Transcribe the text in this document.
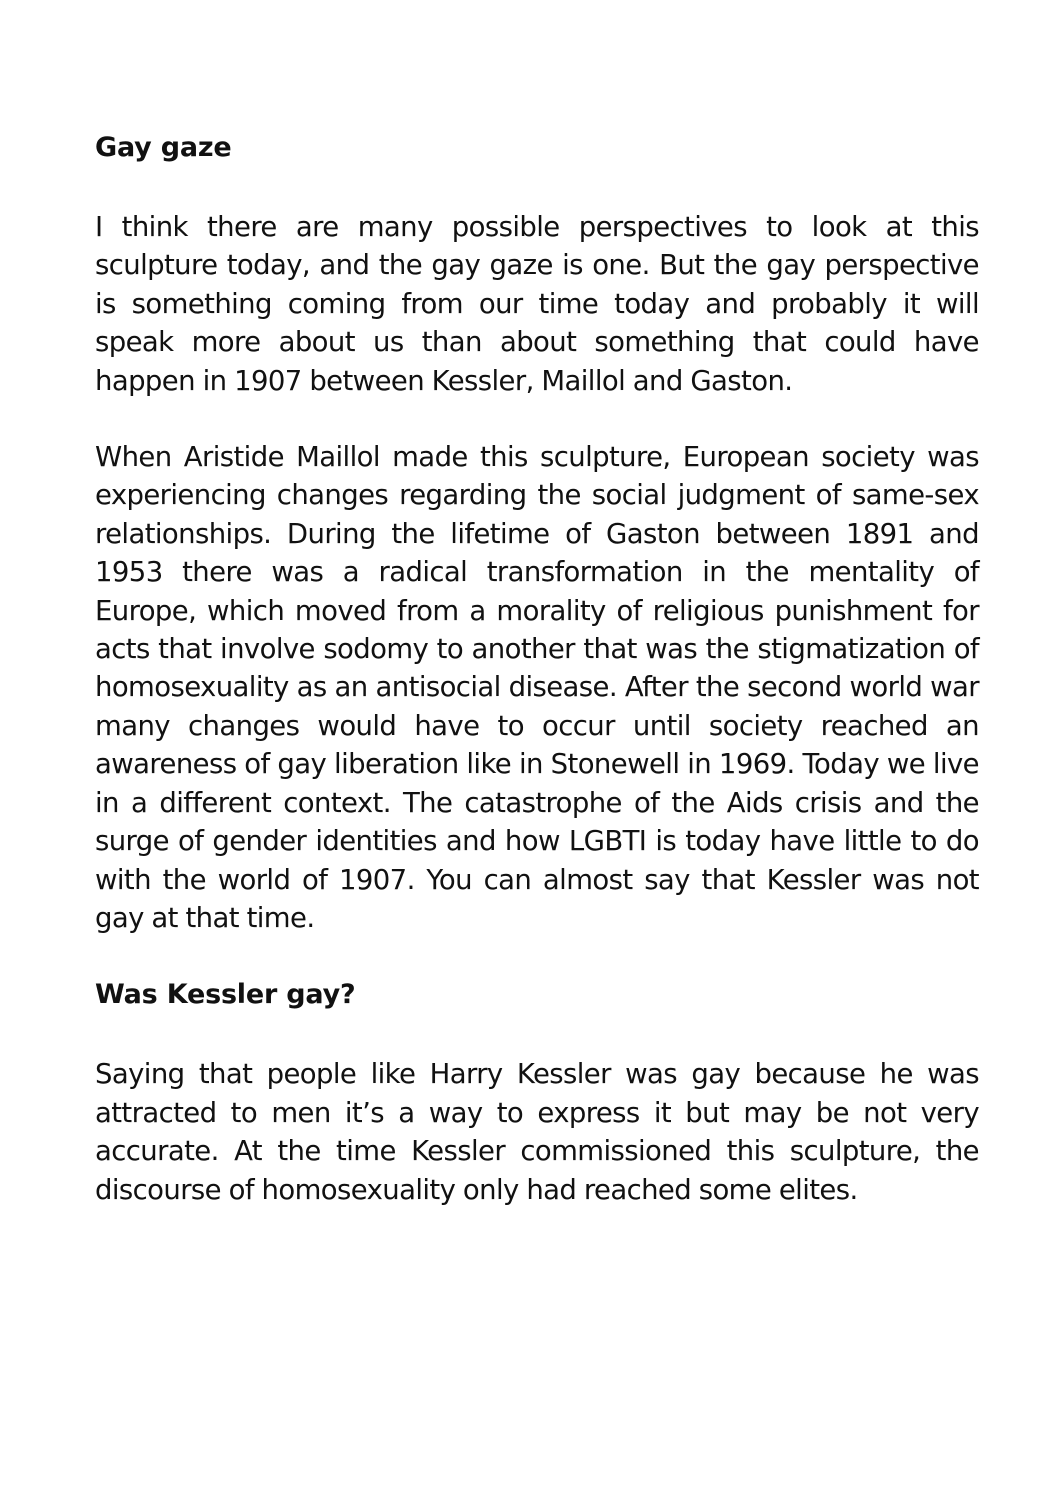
Gay gaze

I think there are many possible perspectives to look at this sculpture today, and the gay gaze is one. But the gay perspective is something coming from our time today and probably it will speak more about us than about something that could have happen in 1907 between Kessler, Maillol and Gaston.

When Aristide Maillol made this sculpture, European society was experiencing changes regarding the social judgment of same-sex relationships. During the lifetime of Gaston between 1891 and 1953 there was a radical transformation in the mentality of Europe, which moved from a morality of religious punishment for acts that involve sodomy to another that was the stigmatization of homosexuality as an antisocial disease. After the second world war many changes would have to occur until society reached an awareness of gay liberation like in Stonewell in 1969. Today we live in a different context. The catastrophe of the Aids crisis and the surge of gender identities and how LGBTI is today have little to do with the world of 1907. You can almost say that Kessler was not gay at that time.

Was Kessler gay?

Saying that people like Harry Kessler was gay because he was attracted to men it’s a way to express it but may be not very accurate. At the time Kessler commissioned this sculpture, the discourse of homosexuality only had reached some elites.
